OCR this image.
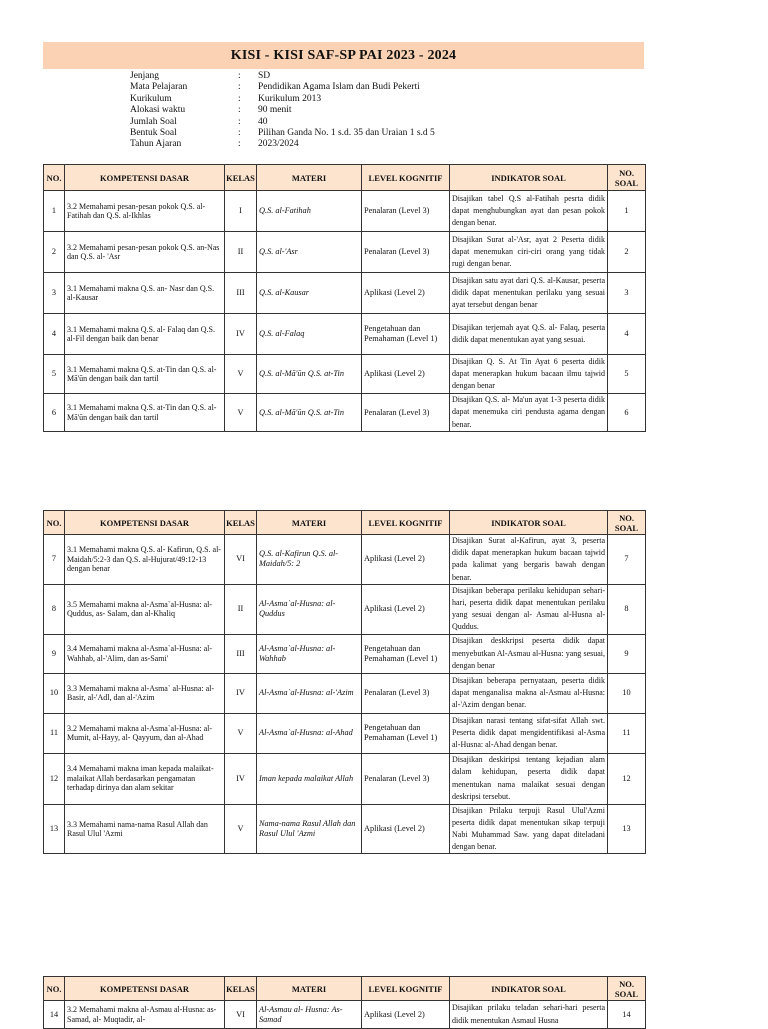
KISI - KISI SAF-SP PAI 2023 - 2024
Jenjang	:	SD
Mata Pelajaran	:	Pendidikan Agama Islam dan Budi Pekerti
Kurikulum	:	Kurikulum 2013
Alokasi waktu	:	90 menit
Jumlah Soal	:	40
Bentuk Soal	:	Pilihan Ganda No. 1 s.d. 35 dan Uraian 1 s.d 5
Tahun Ajaran	:	2023/2024
NO.	KOMPETENSI DASAR	KELAS	MATERI	LEVEL KOGNITIF	INDIKATOR SOAL	NO. SOAL
1	3.2 Memahami pesan-pesan pokok Q.S. al-Fatihah dan Q.S. al-Ikhlas	I	Q.S. al-Fatihah	Penalaran (Level 3)	Disajikan tabel Q.S al-Fatihah pesrta didik dapat menghubungkan ayat dan pesan pokok dengan benar.	1
2	3.2 Memahami pesan-pesan pokok Q.S. an-Nas dan Q.S. al- 'Asr	II	Q.S. al-'Asr	Penalaran (Level 3)	Disajikan Surat al-'Asr, ayat 2 Peserta didik dapat menemukan ciri-ciri orang yang tidak rugi dengan benar.	2
3	3.1 Memahami makna Q.S. an- Nasr dan Q.S. al-Kausar	III	Q.S. al-Kausar	Aplikasi (Level 2)	Disajikan satu ayat dari Q.S. al-Kausar, peserta didik dapat menentukan perilaku yang sesuai ayat tersebut dengan benar	3
4	3.1 Memahami makna Q.S. al- Falaq dan Q.S. al-Fil dengan baik dan benar	IV	Q.S. al-Falaq	Pengetahuan dan Pemahaman (Level 1)	Disajikan terjemah ayat Q.S. al- Falaq, peserta didik dapat menentukan ayat yang sesuai.	4
5	3.1 Memahami makna Q.S. at-Tin dan Q.S. al-Mā'ūn dengan baik dan tartil	V	Q.S. al-Mā'ūn Q.S. at-Tin	Aplikasi (Level 2)	Disajikan Q. S. At Tin Ayat 6 peserta didik dapat menerapkan hukum bacaan ilmu tajwid dengan benar	5
6	3.1 Memahami makna Q.S. at-Tin dan Q.S. al-Mā'ūn dengan baik dan tartil	V	Q.S. al-Mā'ūn Q.S. at-Tin	Penalaran (Level 3)	Disajikan Q.S. al- Ma'un ayat 1-3 peserta didik dapat menemuka ciri pendusta agama dengan benar.	6
NO.	KOMPETENSI DASAR	KELAS	MATERI	LEVEL KOGNITIF	INDIKATOR SOAL	NO. SOAL
7	3.1 Memahami makna Q.S. al- Kafirun, Q.S. al-Maidah/5:2-3 dan Q.S. al-Hujurat/49:12-13 dengan benar	VI	Q.S. al-Kafirun Q.S. al-Maidah/5: 2	Aplikasi (Level 2)	Disajikan Surat al-Kafirun, ayat 3, peserta didik dapat menerapkan hukum bacaan tajwid pada kalimat yang bergaris bawah dengan benar.	7
8	3.5 Memahami makna al-Asma`al-Husna: al-Quddus, as- Salam, dan al-Khaliq	II	Al-Asma`al-Husna: al-Quddus	Aplikasi (Level 2)	Disajikan beberapa perilaku kehidupan sehari-hari, peserta didik dapat menentukan perilaku yang sesuai dengan al- Asmau al-Husna al-Quddus.	8
9	3.4 Memahami makna al-Asma`al-Husna: al-Wahhab, al-'Alim, dan as-Sami'	III	Al-Asma`al-Husna: al-Wahhab	Pengetahuan dan Pemahaman (Level 1)	Disajikan deskkripsi peserta didik dapat menyebutkan Al-Asmau al-Husna: yang sesuai, dengan benar	9
10	3.3 Memahami makna al-Asma` al-Husna: al-Basir, al-'Adl, dan al-'Azim	IV	Al-Asma`al-Husna: al-'Azim	Penalaran (Level 3)	Disajikan beberapa pernyataan, peserta didik dapat menganalisa makna al-Asmau al-Husna: al-'Azim dengan benar.	10
11	3.2 Memahami makna al-Asma`al-Husna: al-Mumit, al-Hayy, al- Qayyum, dan al-Ahad	V	Al-Asma`al-Husna: al-Ahad	Pengetahuan dan Pemahaman (Level 1)	Disajikan narasi tentang sifat-sifat Allah swt. Peserta didik dapat mengidentifikasi al-Asma al-Husna: al-Ahad dengan benar.	11
12	3.4 Memahami makna iman kepada malaikat-malaikat Allah berdasarkan pengamatan terhadap dirinya dan alam sekitar	IV	Iman kepada malaikat Allah	Penalaran (Level 3)	Disajikan deskiripsi tentang kejadian alam dalam kehidupan, peserta didik dapat menentukan nama malaikat sesuai dengan deskripsi tersebut.	12
13	3.3 Memahami nama-nama Rasul Allah dan Rasul Ulul 'Azmi	V	Nama-nama Rasul Allah dan Rasul Ulul 'Azmi	Aplikasi (Level 2)	Disajikan Prilaku terpuji Rasul Ulul'Azmi peserta didik dapat menentukan sikap terpuji Nabi Muhammad Saw. yang dapat diteladani dengan benar.	13
NO.	KOMPETENSI DASAR	KELAS	MATERI	LEVEL KOGNITIF	INDIKATOR SOAL	NO. SOAL
14	3.2 Memahami makna al-Asmau al-Husna: as-Samad, al- Muqtadir, al-	VI	Al-Asmau al- Husna: As-Samad	Aplikasi (Level 2)	Disajikan prilaku teladan sehari-hari peserta didik menentukan Asmaul Husna	14
